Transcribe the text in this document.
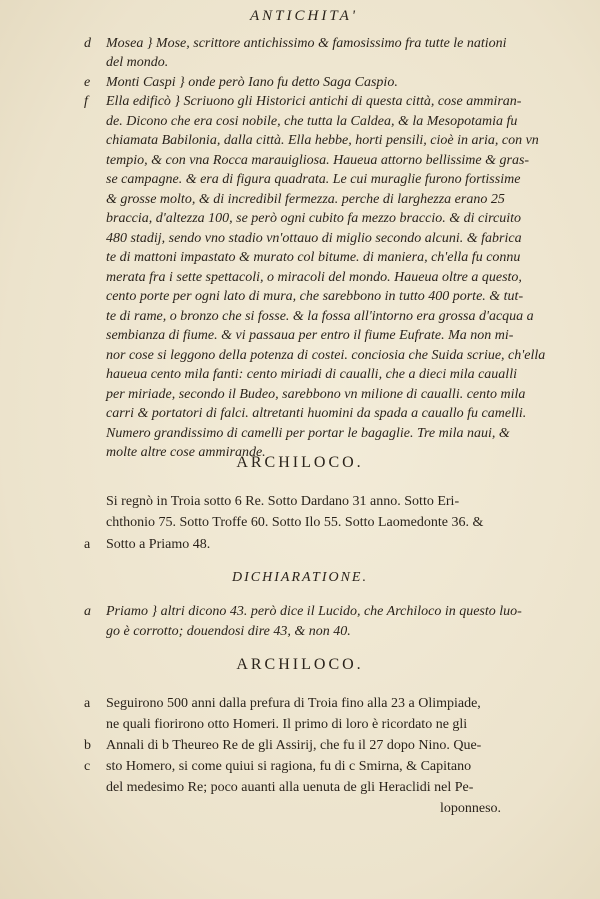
ANTICHITA'
d	Mosea } Mose, scrittore antichissimo & famosissimo fra tutte le nationi
del mondo.
e	Monti Caspi } onde però Iano fu detto Saga Caspio.
f	Ella edificò } Scriuono gli Historici antichi di questa città, cose ammiran-
de. Dicono che era cosi nobile, che tutta la Caldea, & la Mesopotamia fu
chiamata Babilonia, dalla città. Ella hebbe, horti pensili, cioè in aria, con vn
tempio, & con vna Rocca marauigliosa. Haueua attorno bellissime & gras-
se campagne. & era di figura quadrata. Le cui muraglie furono fortissime
& grosse molto, & di incredibil fermezza. perche di larghezza erano 25
braccia, d'altezza 100, se però ogni cubito fa mezzo braccio. & di circuito
480 stadij, sendo vno stadio vn'ottauo di miglio secondo alcuni. & fabrica
te di mattoni impastato & murato col bitume. di maniera, ch'ella fu connu
merata fra i sette spettacoli, o miracoli del mondo. Haueua oltre a questo,
cento porte per ogni lato di mura, che sarebbono in tutto 400 porte. & tut-
te di rame, o bronzo che si fosse. & la fossa all'intorno era grossa d'acqua a
sembianza di fiume. & vi passaua per entro il fiume Eufrate. Ma non mi-
nor cose si leggono della potenza di costei. conciosia che Suida scriue, ch'ella
haueua cento mila fanti: cento miriadi di caualli, che a dieci mila caualli
per miriade, secondo il Budeo, sarebbono vn milione di caualli. cento mila
carri & portatori di falci. altretanti huomini da spada a cauallo fu camelli.
Numero grandissimo di camelli per portar le bagaglie. Tre mila naui, &
molte altre cose ammirande.
ARCHILOCO.
Si regnò in Troia sotto 6 Re. Sotto Dardano 31 anno. Sotto Eri-
chthonio 75. Sotto Troffe 60. Sotto Ilo 55. Sotto Laomedonte 36. &
a	Sotto a Priamo 48.
DICHIARATIONE.
a	Priamo } altri dicono 43. però dice il Lucido, che Archiloco in questo luo-
go è corrotto; douendosi dire 43, & non 40.
ARCHILOCO.
a	Seguirono 500 anni dalla prefura di Troia fino alla 23 a Olimpiade,
ne quali fiorirono otto Homeri. Il primo di loro è ricordato ne gli
b	Annali di b Theureo Re de gli Assirij, che fu il 27 dopo Nino. Que-
c	sto Homero, si come quiui si ragiona, fu di c Smirna, & Capitano
del medesimo Re; poco auanti alla uenuta de gli Heraclidi nel Pe-
loponneso.
